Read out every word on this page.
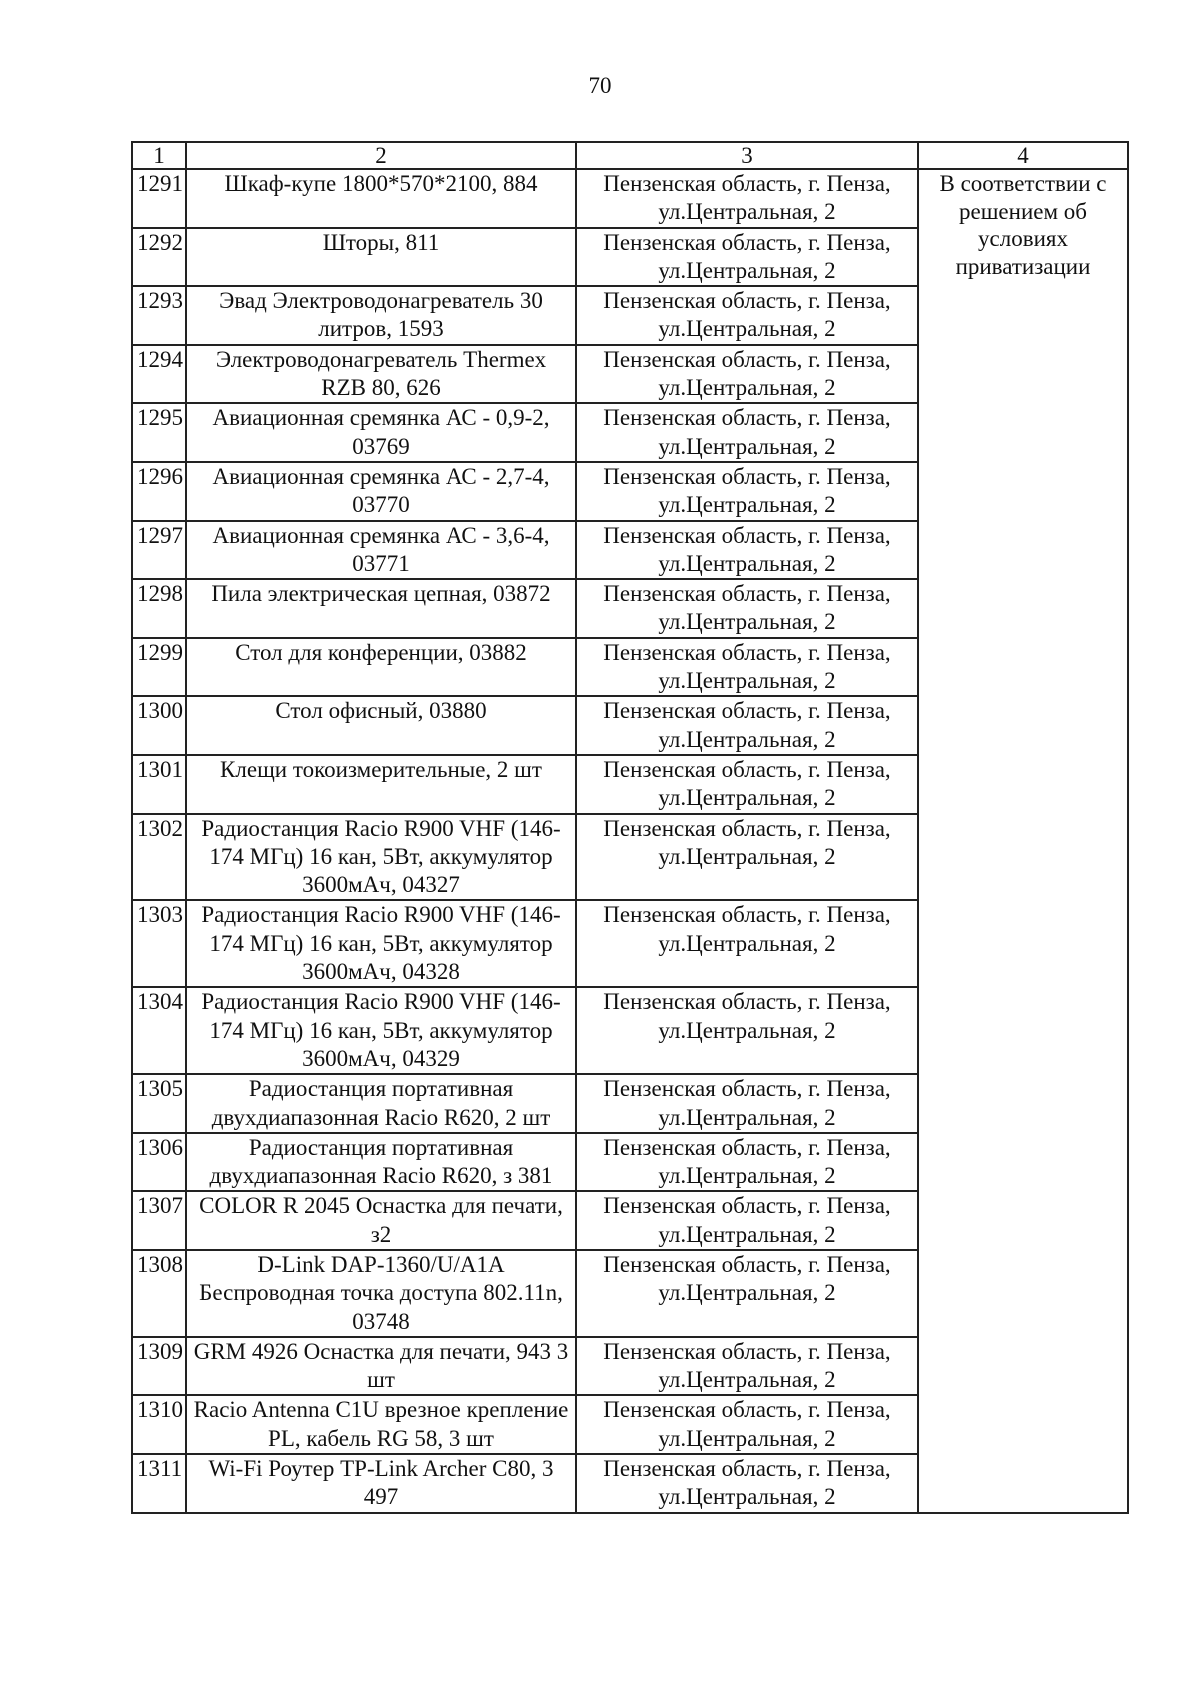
70
1	2	3	4
1291	Шкаф-купе 1800*570*2100, 884	Пензенская область, г. Пенза, ул.Центральная, 2	В соответствии с решением об условиях приватизации
1292	Шторы, 811	Пензенская область, г. Пенза, ул.Центральная, 2	
1293	Эвад Электроводонагреватель 30 литров, 1593	Пензенская область, г. Пенза, ул.Центральная, 2	
1294	Электроводонагреватель Thermex RZB 80, 626	Пензенская область, г. Пенза, ул.Центральная, 2	
1295	Авиационная сремянка АС - 0,9-2, 03769	Пензенская область, г. Пенза, ул.Центральная, 2	
1296	Авиационная сремянка АС - 2,7-4, 03770	Пензенская область, г. Пенза, ул.Центральная, 2	
1297	Авиационная сремянка АС - 3,6-4, 03771	Пензенская область, г. Пенза, ул.Центральная, 2	
1298	Пила электрическая цепная, 03872	Пензенская область, г. Пенза, ул.Центральная, 2	
1299	Стол для конференции, 03882	Пензенская область, г. Пенза, ул.Центральная, 2	
1300	Стол офисный, 03880	Пензенская область, г. Пенза, ул.Центральная, 2	
1301	Клещи токоизмерительные, 2 шт	Пензенская область, г. Пенза, ул.Центральная, 2	
1302	Радиостанция Racio R900 VHF (146-174 МГц) 16 кан, 5Вт, аккумулятор 3600мАч, 04327	Пензенская область, г. Пенза, ул.Центральная, 2	
1303	Радиостанция Racio R900 VHF (146-174 МГц) 16 кан, 5Вт, аккумулятор 3600мАч, 04328	Пензенская область, г. Пенза, ул.Центральная, 2	
1304	Радиостанция Racio R900 VHF (146-174 МГц) 16 кан, 5Вт, аккумулятор 3600мАч, 04329	Пензенская область, г. Пенза, ул.Центральная, 2	
1305	Радиостанция портативная двухдиапазонная Racio R620, 2 шт	Пензенская область, г. Пенза, ул.Центральная, 2	
1306	Радиостанция портативная двухдиапазонная Racio R620, з 381	Пензенская область, г. Пенза, ул.Центральная, 2	
1307	COLOR R 2045 Оснастка для печати, з2	Пензенская область, г. Пенза, ул.Центральная, 2	
1308	D-Link DAP-1360/U/A1A Беспроводная точка доступа 802.11n, 03748	Пензенская область, г. Пенза, ул.Центральная, 2	
1309	GRM 4926 Оснастка для печати, 943 3 шт	Пензенская область, г. Пенза, ул.Центральная, 2	
1310	Racio Antenna C1U врезное крепление PL, кабель RG 58, 3 шт	Пензенская область, г. Пенза, ул.Центральная, 2	
1311	Wi-Fi Роутер TP-Link Archer C80, 3 497	Пензенская область, г. Пенза, ул.Центральная, 2	
